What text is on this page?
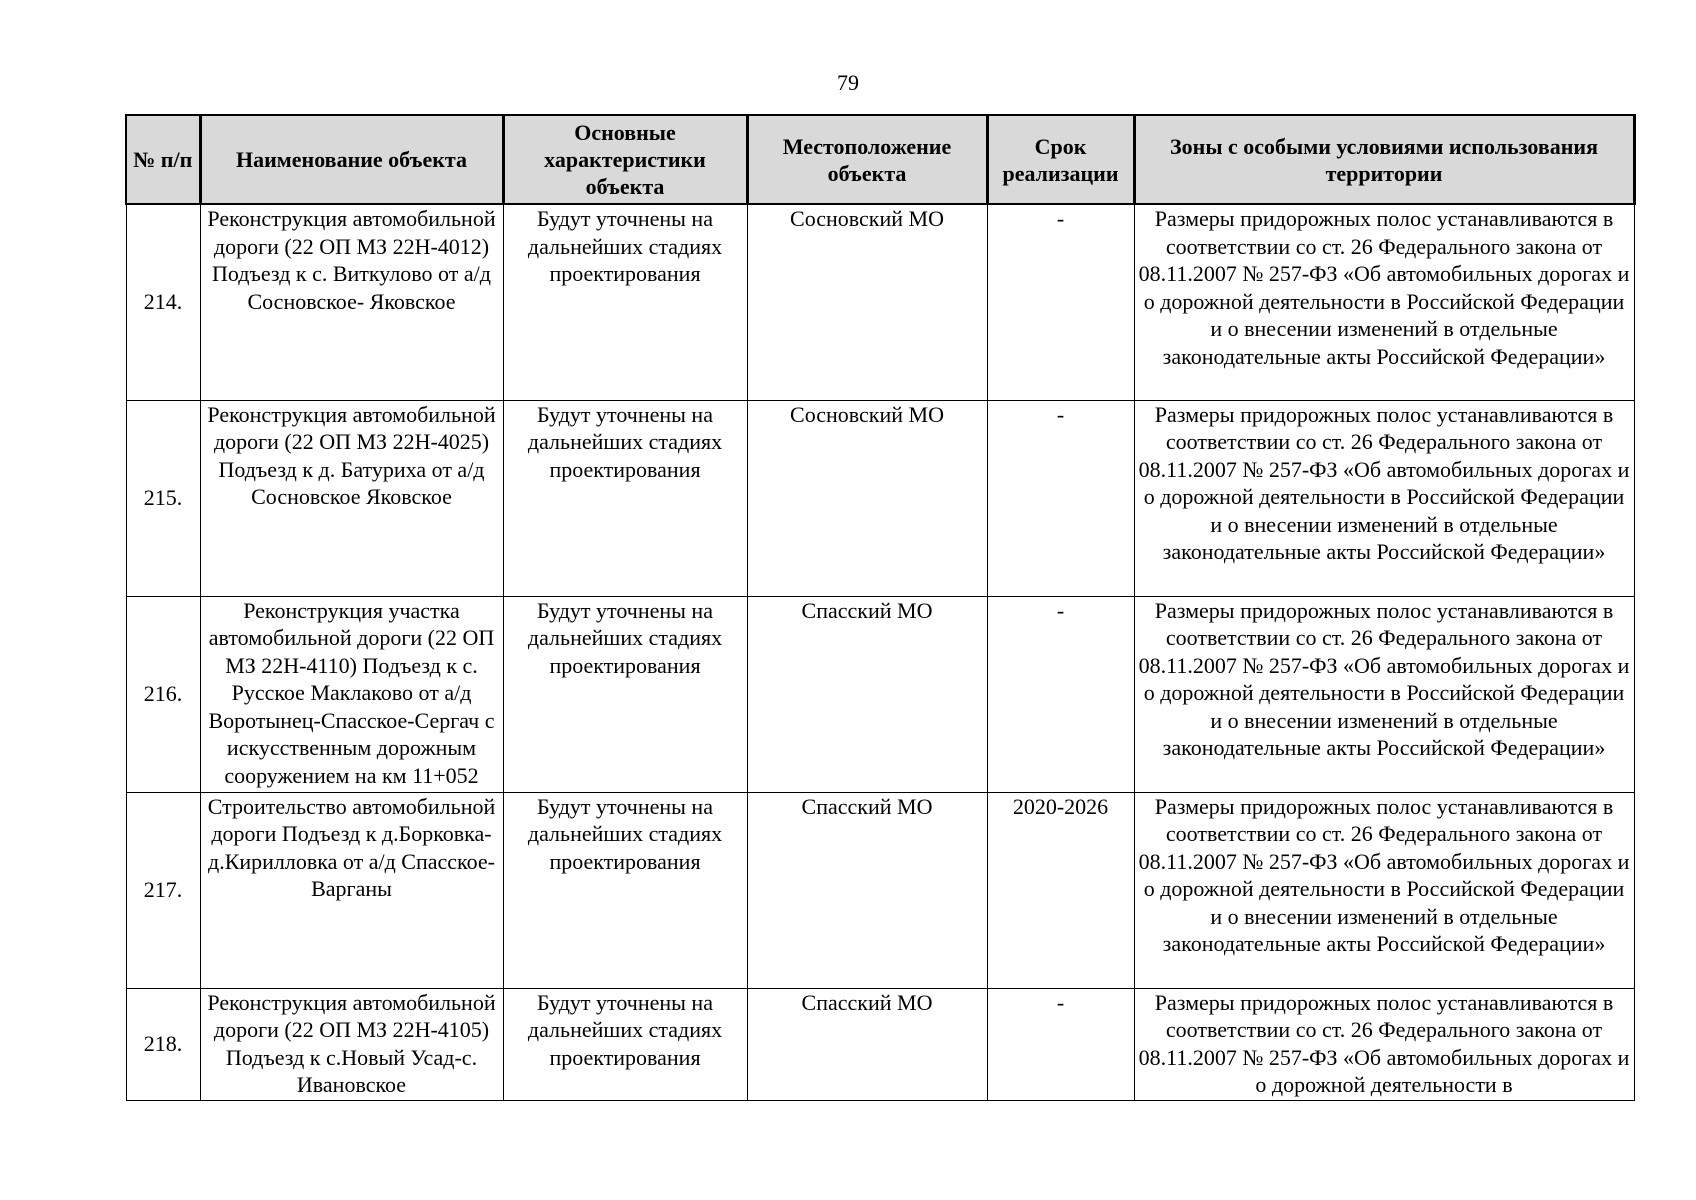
79
№ п/п	Наименование объекта	Основные характеристики объекта	Местоположение объекта	Срок реализации	Зоны с особыми условиями использования территории
214.	Реконструкция автомобильной дороги (22 ОП МЗ 22Н-4012) Подъезд к с. Виткулово от а/д Сосновское- Яковское	Будут уточнены на дальнейших стадиях проектирования	Сосновский МО	-	Размеры придорожных полос устанавливаются в соответствии со ст. 26 Федерального закона от 08.11.2007 № 257-ФЗ «Об автомобильных дорогах и о дорожной деятельности в Российской Федерации и о внесении изменений в отдельные законодательные акты Российской Федерации»
215.	Реконструкция автомобильной дороги (22 ОП МЗ 22Н-4025) Подъезд к д. Батуриха от а/д Сосновское Яковское	Будут уточнены на дальнейших стадиях проектирования	Сосновский МО	-	Размеры придорожных полос устанавливаются в соответствии со ст. 26 Федерального закона от 08.11.2007 № 257-ФЗ «Об автомобильных дорогах и о дорожной деятельности в Российской Федерации и о внесении изменений в отдельные законодательные акты Российской Федерации»
216.	Реконструкция участка автомобильной дороги (22 ОП МЗ 22Н-4110) Подъезд к с. Русское Маклаково от а/д Воротынец-Спасское-Сергач с искусственным дорожным сооружением на км 11+052	Будут уточнены на дальнейших стадиях проектирования	Спасский МО	-	Размеры придорожных полос устанавливаются в соответствии со ст. 26 Федерального закона от 08.11.2007 № 257-ФЗ «Об автомобильных дорогах и о дорожной деятельности в Российской Федерации и о внесении изменений в отдельные законодательные акты Российской Федерации»
217.	Строительство автомобильной дороги Подъезд к д.Борковка-д.Кирилловка от а/д Спасское-Варганы	Будут уточнены на дальнейших стадиях проектирования	Спасский МО	2020-2026	Размеры придорожных полос устанавливаются в соответствии со ст. 26 Федерального закона от 08.11.2007 № 257-ФЗ «Об автомобильных дорогах и о дорожной деятельности в Российской Федерации и о внесении изменений в отдельные законодательные акты Российской Федерации»
218.	Реконструкция автомобильной дороги (22 ОП МЗ 22Н-4105) Подъезд к с.Новый Усад-с. Ивановское	Будут уточнены на дальнейших стадиях проектирования	Спасский МО	-	Размеры придорожных полос устанавливаются в соответствии со ст. 26 Федерального закона от 08.11.2007 № 257-ФЗ «Об автомобильных дорогах и о дорожной деятельности в
